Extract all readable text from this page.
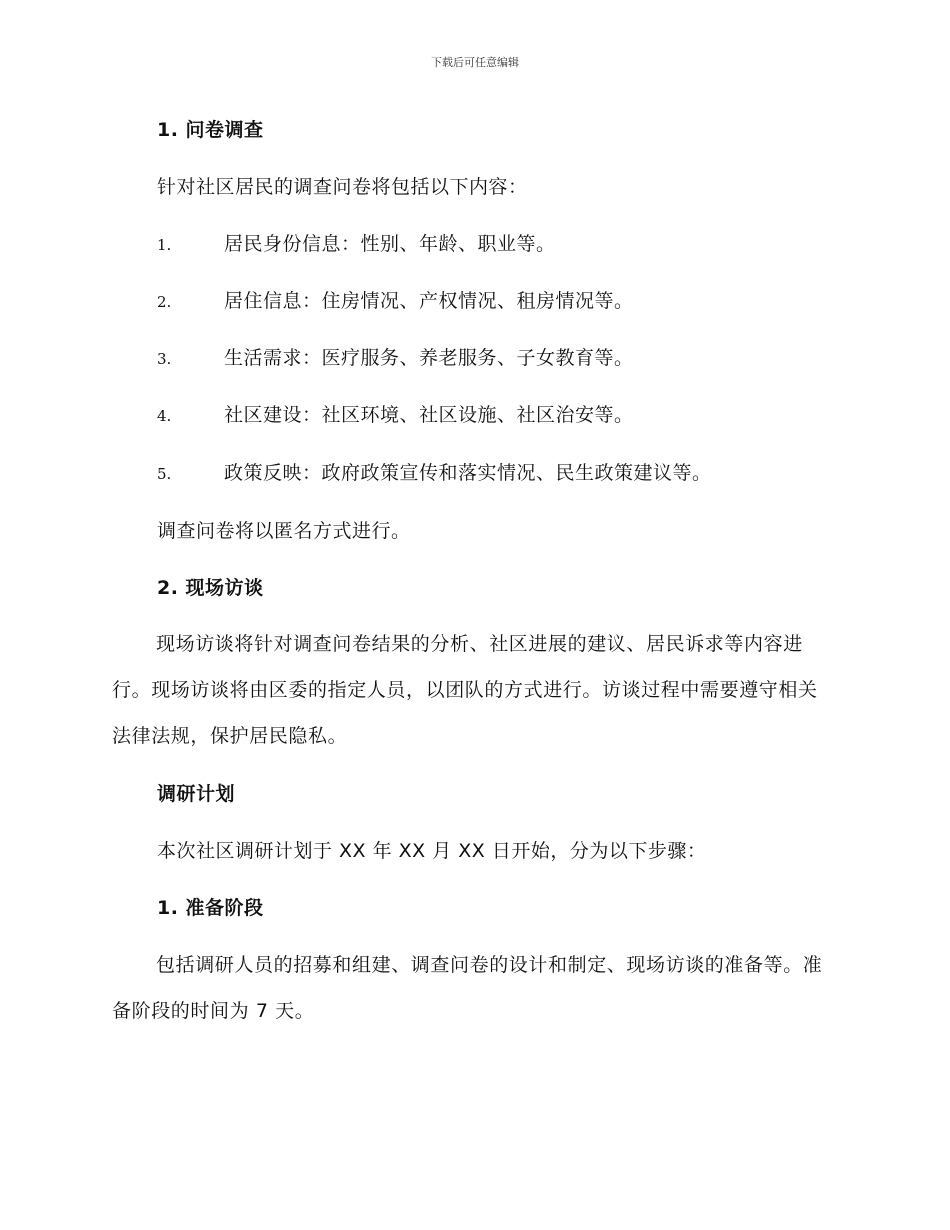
下载后可任意编辑
1. 问卷调查
针对社区居民的调查问卷将包括以下内容：
1.	居民身份信息：性别、年龄、职业等。
2.	居住信息：住房情况、产权情况、租房情况等。
3.	生活需求：医疗服务、养老服务、子女教育等。
4.	社区建设：社区环境、社区设施、社区治安等。
5.	政策反映：政府政策宣传和落实情况、民生政策建议等。
调查问卷将以匿名方式进行。
2. 现场访谈
现场访谈将针对调查问卷结果的分析、社区进展的建议、居民诉求等内容进行。现场访谈将由区委的指定人员，以团队的方式进行。访谈过程中需要遵守相关法律法规，保护居民隐私。
调研计划
本次社区调研计划于 XX 年 XX 月 XX 日开始，分为以下步骤：
1. 准备阶段
包括调研人员的招募和组建、调查问卷的设计和制定、现场访谈的准备等。准备阶段的时间为 7 天。
